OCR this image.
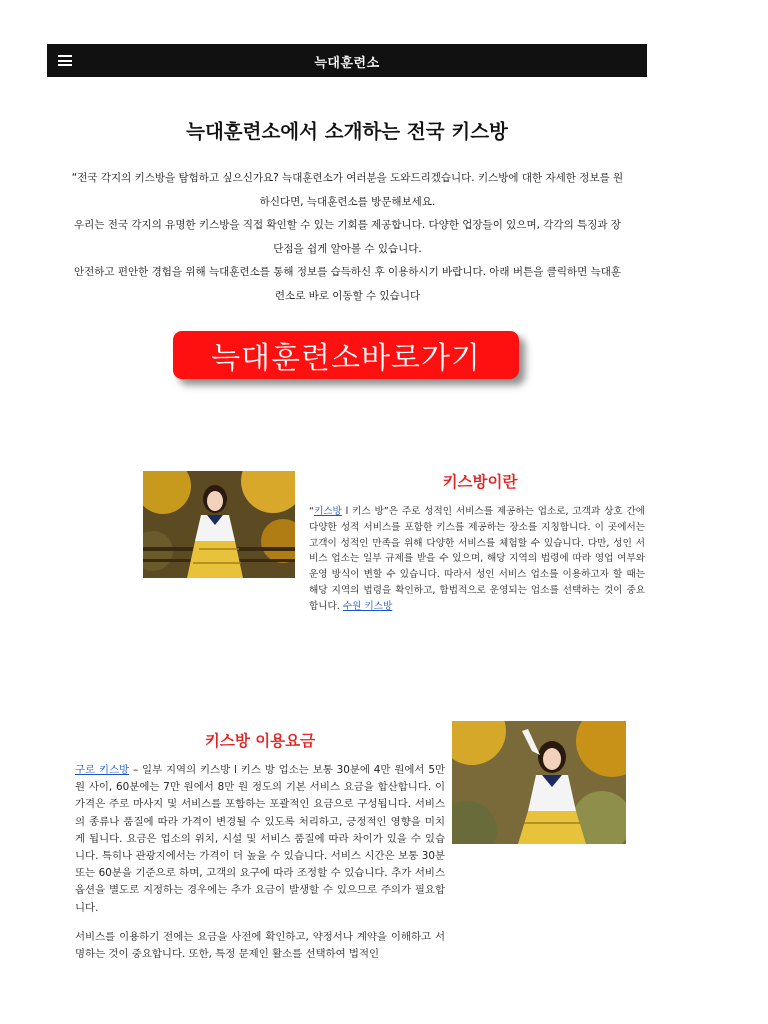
늑대훈련소
늑대훈련소에서 소개하는 전국 키스방

“전국 각지의 키스방을 탐험하고 싶으신가요? 늑대훈련소가 여러분을 도와드리겠습니다. 키스방에 대한 자세한 정보를 원하신다면, 늑대훈련소를 방문해보세요.

우리는 전국 각지의 유명한 키스방을 직접 확인할 수 있는 기회를 제공합니다. 다양한 업장들이 있으며, 각각의 특징과 장단점을 쉽게 알아볼 수 있습니다.

안전하고 편안한 경험을 위해 늑대훈련소를 통해 정보를 습득하신 후 이용하시기 바랍니다. 아래 버튼을 클릭하면 늑대훈련소로 바로 이동할 수 있습니다

늑대훈련소바로가기
키스방이란

“키스방 l 키스 방”은 주로 성적인 서비스를 제공하는 업소로, 고객과 상호 간에 다양한 성적 서비스를 포함한 키스를 제공하는 장소를 지칭합니다. 이 곳에서는 고객이 성적인 만족을 위해 다양한 서비스를 체험할 수 있습니다. 다만, 성인 서비스 업소는 일부 규제를 받을 수 있으며, 해당 지역의 법령에 따라 영업 여부와 운영 방식이 변할 수 있습니다. 따라서 성인 서비스 업소를 이용하고자 할 때는 해당 지역의 법령을 확인하고, 합법적으로 운영되는 업소를 선택하는 것이 중요합니다. 수원 키스방

키스방 이용요금

구로 키스방 – 일부 지역의 키스방 l 키스 방 업소는 보통 30분에 4만 원에서 5만 원 사이, 60분에는 7만 원에서 8만 원 정도의 기본 서비스 요금을 합산합니다. 이 가격은 주로 마사지 및 서비스를 포함하는 포괄적인 요금으로 구성됩니다. 서비스의 종류나 품질에 따라 가격이 변경될 수 있도록 처리하고, 긍정적인 영향을 미치게 됩니다. 요금은 업소의 위치, 시설 및 서비스 품질에 따라 차이가 있을 수 있습니다. 특히나 관광지에서는 가격이 더 높을 수 있습니다. 서비스 시간은 보통 30분 또는 60분을 기준으로 하며, 고객의 요구에 따라 조정할 수 있습니다. 추가 서비스 옵션을 별도로 지정하는 경우에는 추가 요금이 발생할 수 있으므로 주의가 필요합니다.

서비스를 이용하기 전에는 요금을 사전에 확인하고, 약정서나 계약을 이해하고 서명하는 것이 중요합니다. 또한, 특정 문제인 활소를 선택하여 법적인
